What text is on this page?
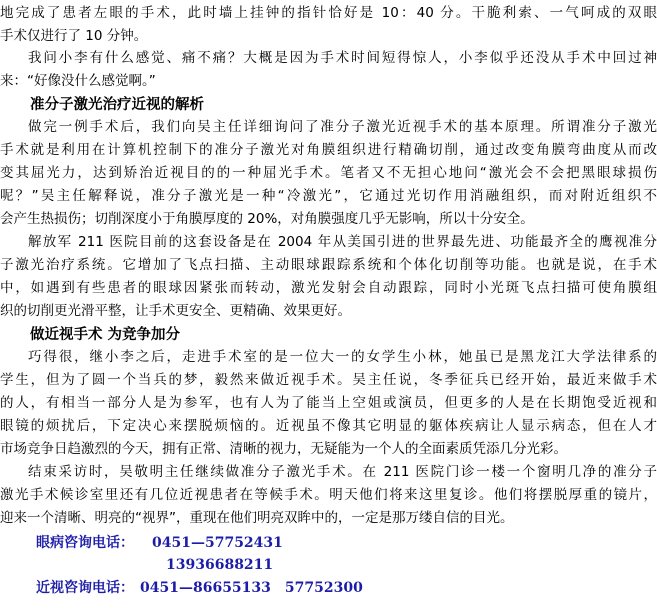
地完成了患者左眼的手术，此时墙上挂钟的指针恰好是 10：40 分。干脆利索、一气呵成的双眼
手术仅进行了 10 分钟。
我问小李有什么感觉、痛不痛？大概是因为手术时间短得惊人，小李似乎还没从手术中回过神
来：“好像没什么感觉啊。”
准分子激光治疗近视的解析
做完一例手术后，我们向吴主任详细询问了准分子激光近视手术的基本原理。所谓准分子激光
手术就是利用在计算机控制下的准分子激光对角膜组织进行精确切削，通过改变角膜弯曲度从而改
变其屈光力，达到矫治近视目的的一种屈光手术。笔者又不无担心地问“激光会不会把黑眼球损伤
呢？”吴主任解释说，准分子激光是一种“冷激光”，它通过光切作用消融组织，而对附近组织不
会产生热损伤；切削深度小于角膜厚度的 20%，对角膜强度几乎无影响，所以十分安全。
解放军 211 医院目前的这套设备是在 2004 年从美国引进的世界最先进、功能最齐全的鹰视准分
子激光治疗系统。它增加了飞点扫描、主动眼球跟踪系统和个体化切削等功能。也就是说，在手术
中，如遇到有些患者的眼球因紧张而转动，激光发射会自动跟踪，同时小光斑飞点扫描可使角膜组
织的切削更光滑平整，让手术更安全、更精确、效果更好。
做近视手术 为竞争加分
巧得很，继小李之后，走进手术室的是一位大一的女学生小林，她虽已是黑龙江大学法律系的
学生，但为了圆一个当兵的梦，毅然来做近视手术。吴主任说，冬季征兵已经开始，最近来做手术
的人，有相当一部分人是为参军，也有人为了能当上空姐或演员，但更多的人是在长期饱受近视和
眼镜的烦扰后，下定决心来摆脱烦恼的。近视虽不像其它明显的躯体疾病让人显示病态，但在人才
市场竞争日趋激烈的今天，拥有正常、清晰的视力，无疑能为一个人的全面素质凭添几分光彩。
结束采访时，吴敬明主任继续做准分子激光手术。在 211 医院门诊一楼一个窗明几净的准分子
激光手术候诊室里还有几位近视患者在等候手术。明天他们将来这里复诊。他们将摆脱厚重的镜片，
迎来一个清晰、明亮的“视界”，重现在他们明亮双眸中的，一定是那万缕自信的目光。
眼病咨询电话： 0451—57752431
13936688211
近视咨询电话： 0451—86655133　57752300
